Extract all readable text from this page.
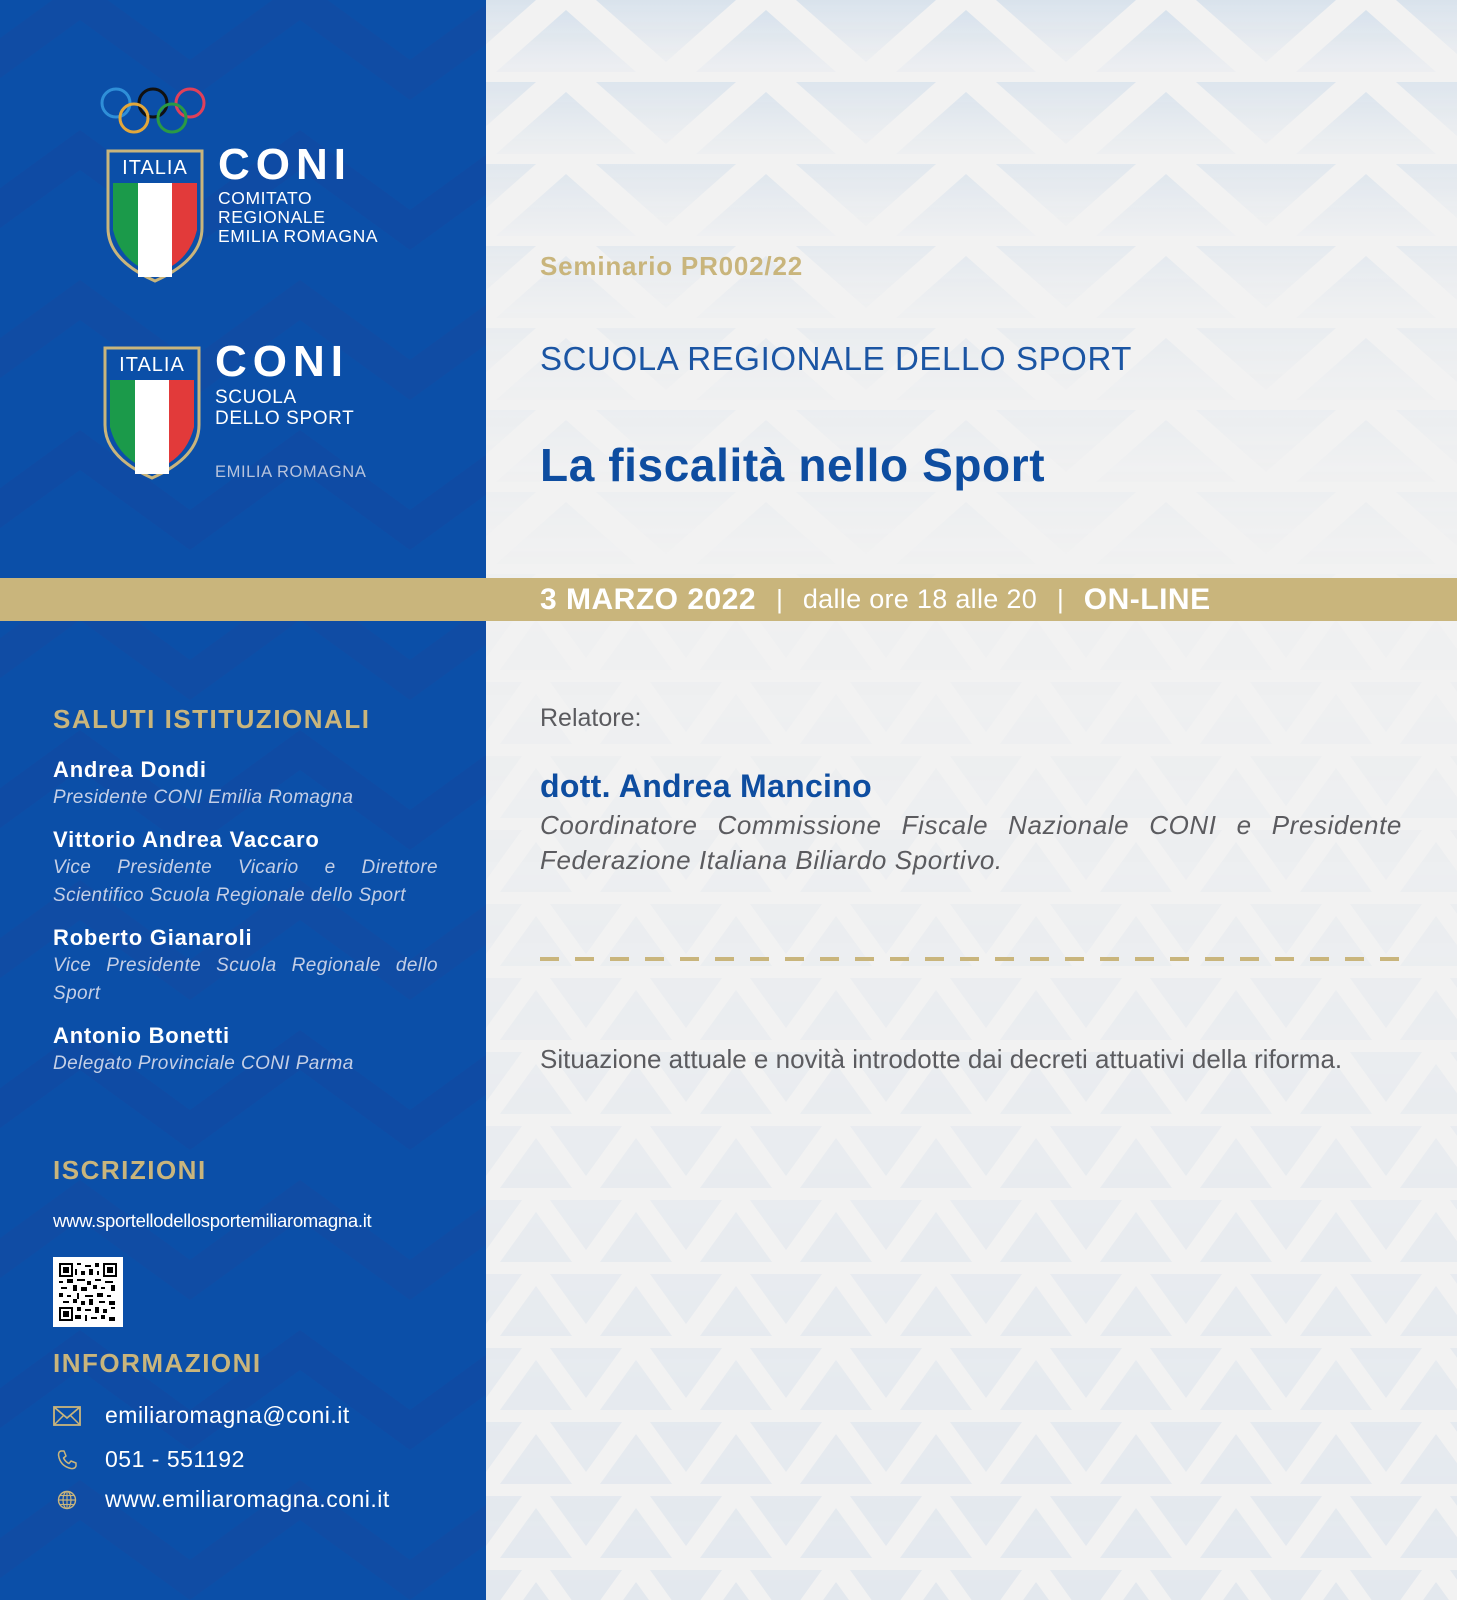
ITALIA CONI
COMITATO
REGIONALE
EMILIA ROMAGNA
ITALIA CONI
SCUOLA
DELLO SPORT
EMILIA ROMAGNA
SALUTI ISTITUZIONALI
Andrea Dondi
Presidente CONI Emilia Romagna
Vittorio Andrea Vaccaro
Vice Presidente Vicario e Direttore Scientifico Scuola Regionale dello Sport
Roberto Gianaroli
Vice Presidente Scuola Regionale dello Sport
Antonio Bonetti
Delegato Provinciale CONI Parma
ISCRIZIONI
www.sportellodellosportemiliaromagna.it
INFORMAZIONI
emiliaromagna@coni.it
051 - 551192
www.emiliaromagna.coni.it
Seminario PR002/22
SCUOLA REGIONALE DELLO SPORT
La fiscalità nello Sport
3 MARZO 2022 | dalle ore 18 alle 20 | ON-LINE
Relatore:
dott. Andrea Mancino
Coordinatore Commissione Fiscale Nazionale CONI e Presidente Federazione Italiana Biliardo Sportivo.
Situazione attuale e novità introdotte dai decreti attuativi della riforma.
